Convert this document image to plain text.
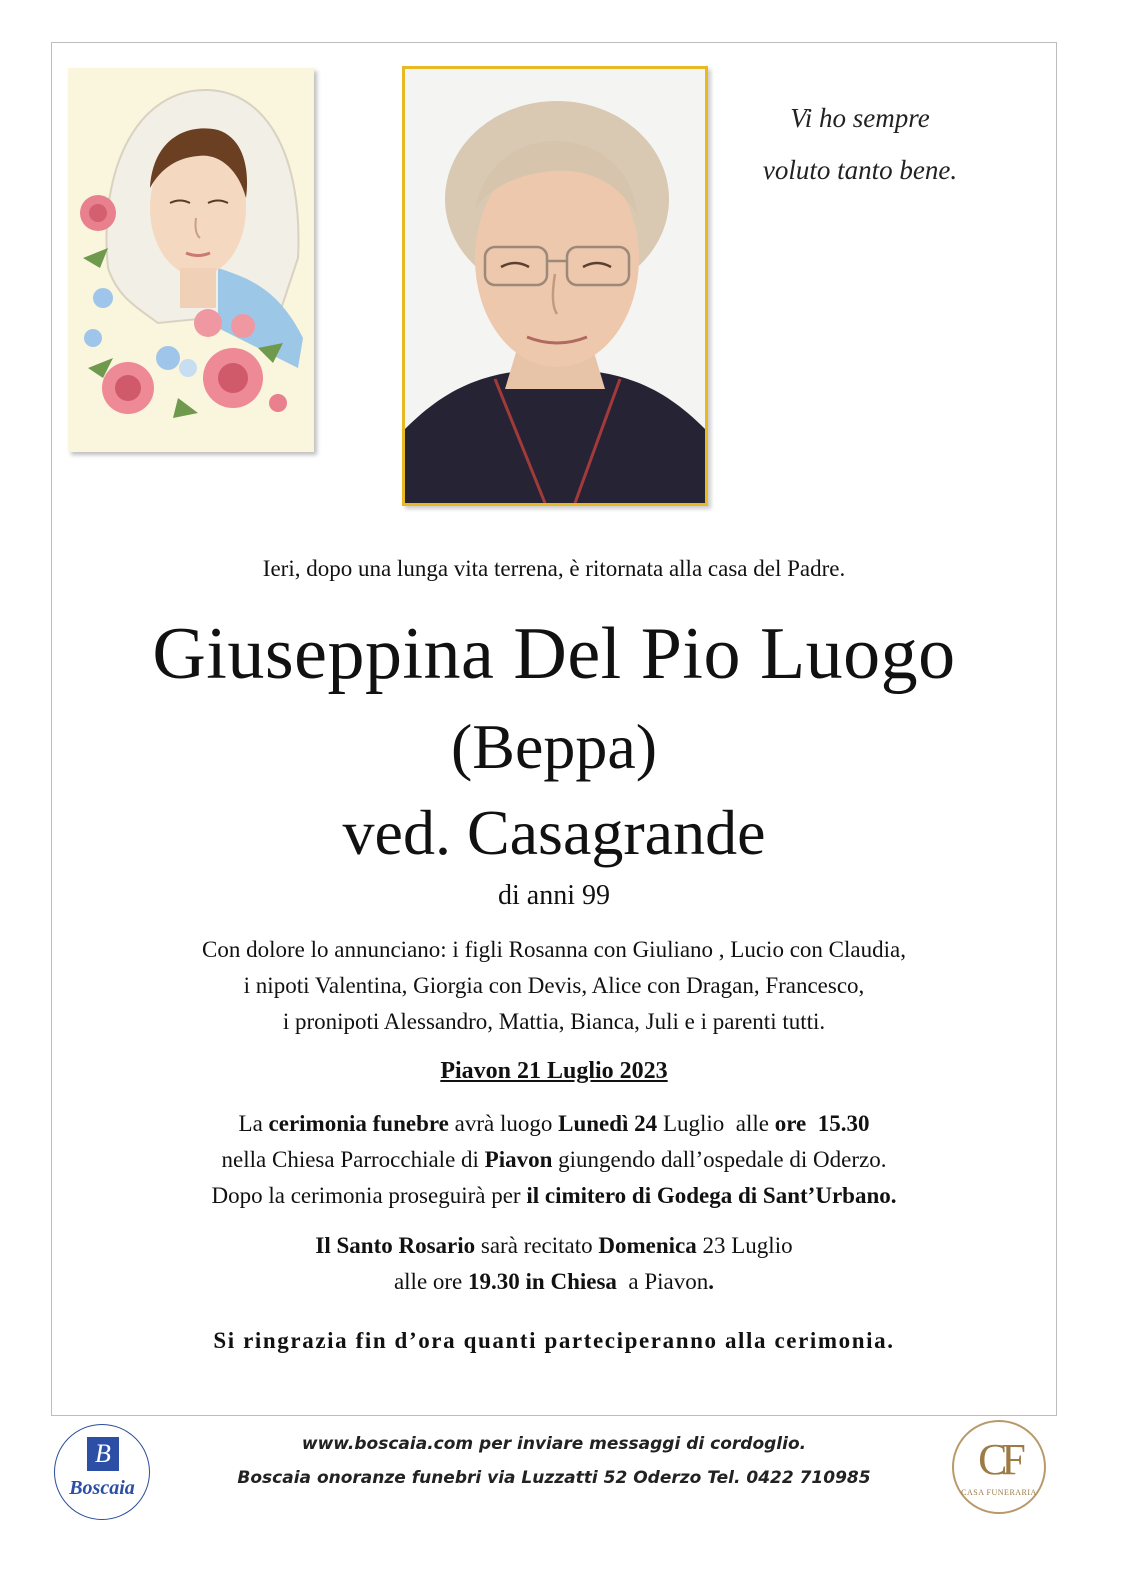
Vi ho sempre
voluto tanto bene.
Ieri, dopo una lunga vita terrena, è ritornata alla casa del Padre.
Giuseppina Del Pio Luogo
(Beppa)
ved. Casagrande
di anni 99
Con dolore lo annunciano: i figli Rosanna con Giuliano , Lucio con Claudia,
i nipoti Valentina, Giorgia con Devis, Alice con Dragan, Francesco,
i pronipoti Alessandro, Mattia, Bianca, Juli e i parenti tutti.
Piavon 21 Luglio 2023
La cerimonia funebre avrà luogo Lunedì 24 Luglio  alle ore  15.30
nella Chiesa Parrocchiale di Piavon giungendo dall’ospedale di Oderzo.
Dopo la cerimonia proseguirà per il cimitero di Godega di Sant’Urbano.
Il Santo Rosario sarà recitato Domenica 23 Luglio
alle ore 19.30 in Chiesa  a Piavon.
Si ringrazia fin d’ora quanti parteciperanno alla cerimonia.
B
Boscaia
www.boscaia.com per inviare messaggi di cordoglio.
Boscaia onoranze funebri via Luzzatti 52 Oderzo Tel. 0422 710985	CF
CASA FUNERARIA
